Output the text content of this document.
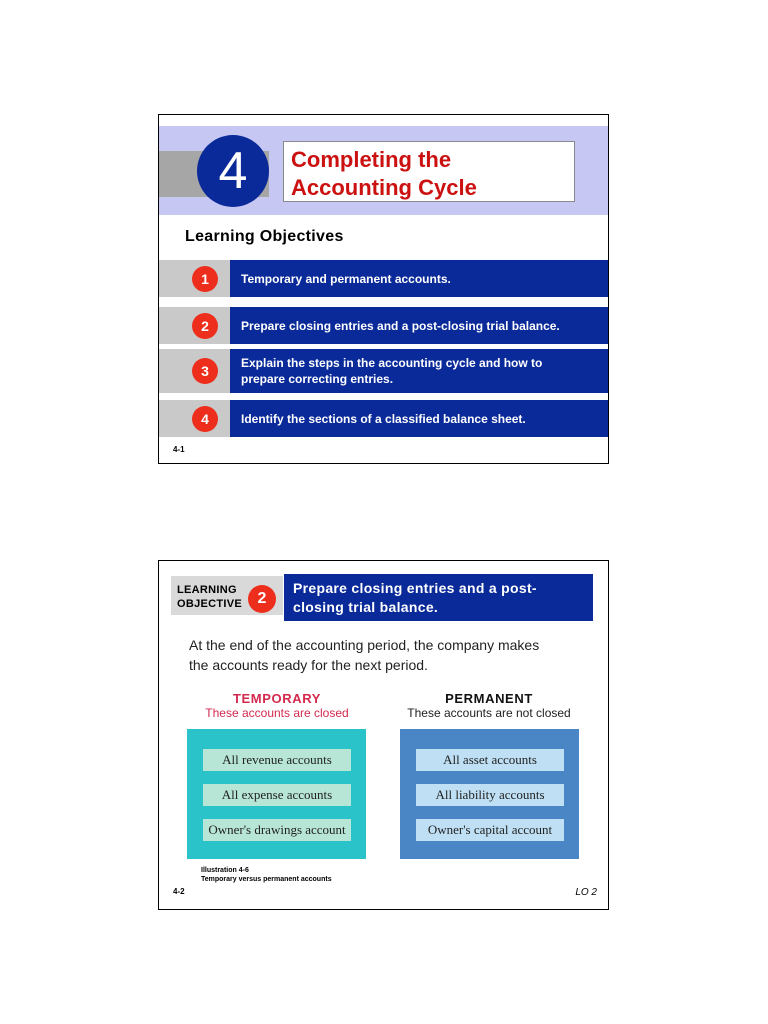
4	Completing the
Accounting Cycle
Learning Objectives
1	Temporary and permanent accounts.
2	Prepare closing entries and a post-closing trial balance.
3	Explain the steps in the accounting cycle and how to
prepare correcting entries.
4	Identify the sections of a classified balance sheet.
4-1
LEARNING
OBJECTIVE 2
Prepare closing entries and a post-
closing trial balance.
At the end of the accounting period, the company makes
the accounts ready for the next period.
TEMPORARY
These accounts are closed
All revenue accounts
All expense accounts
Owner's drawings account
PERMANENT
These accounts are not closed
All asset accounts
All liability accounts
Owner's capital account
Illustration 4-6
Temporary versus permanent accounts
4-2	LO 2
